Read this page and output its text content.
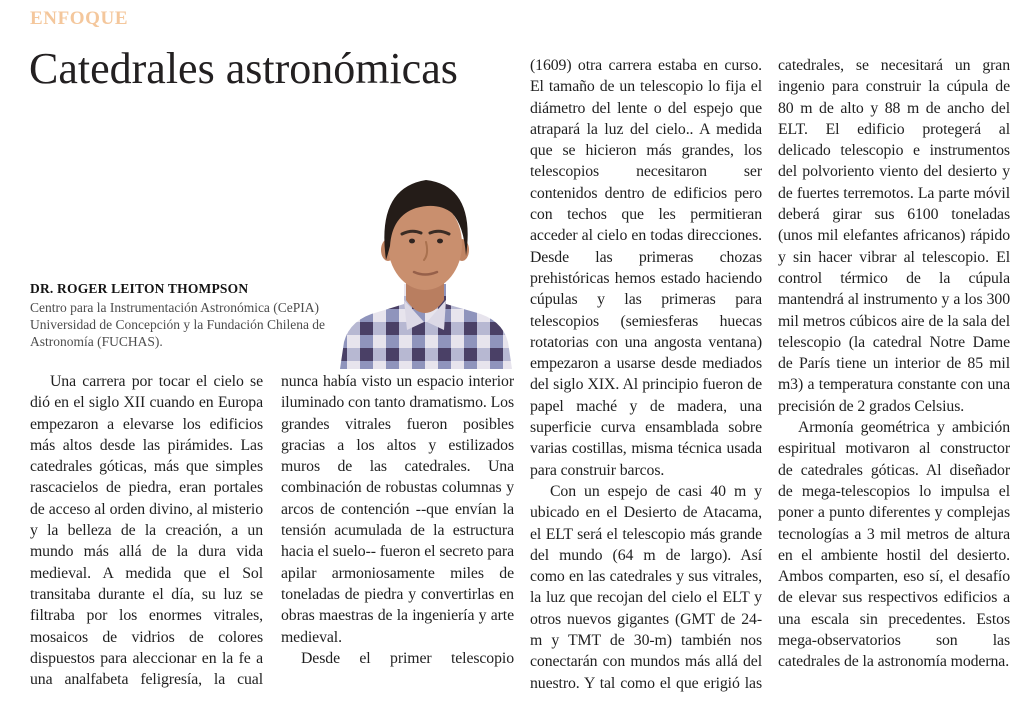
ENFOQUE
Catedrales astronómicas
DR. ROGER LEITON THOMPSON
Centro para la Instrumentación Astronómica (CePIA) Universidad de Concepción y la Fundación Chilena de Astronomía (FUCHAS).

Una carrera por tocar el cielo se dió en el siglo XII cuando en Europa empezaron a elevarse los edificios más altos desde las pirámides. Las catedrales góticas, más que simples rascacielos de piedra, eran portales de acceso al orden divino, al misterio y la belleza de la creación, a un mundo más allá de la dura vida medieval. A medida que el Sol transitaba durante el día, su luz se filtraba por los enormes vitrales, mosaicos de vidrios de colores dispuestos para aleccionar en la fe a una analfabeta feligresía, la cual nunca había visto un espacio interior iluminado con tanto dramatismo. Los grandes vitrales fueron posibles gracias a los altos y estilizados muros de las catedrales. Una combinación de robustas columnas y arcos de contención --que envían la tensión acumulada de la estructura hacia el suelo-- fueron el secreto para apilar armoniosamente miles de toneladas de piedra y convertirlas en obras maestras de la ingeniería y arte medieval.

Desde el primer telescopio

(1609) otra carrera estaba en curso. El tamaño de un telescopio lo fija el diámetro del lente o del espejo que atrapará la luz del cielo.. A medida que se hicieron más grandes, los telescopios necesitaron ser contenidos dentro de edificios pero con techos que les permitieran acceder al cielo en todas direcciones. Desde las primeras chozas prehistóricas hemos estado haciendo cúpulas y las primeras para telescopios (semiesferas huecas rotatorias con una angosta ventana) empezaron a usarse desde mediados del siglo XIX. Al principio fueron de papel maché y de madera, una superficie curva ensamblada sobre varias costillas, misma técnica usada para construir barcos.

Con un espejo de casi 40 m y ubicado en el Desierto de Atacama, el ELT será el telescopio más grande del mundo (64 m de largo). Así como en las catedrales y sus vitrales, la luz que recojan del cielo el ELT y otros nuevos gigantes (GMT de 24-m y TMT de 30-m) también nos conectarán con mundos más allá del nuestro. Y tal como el que erigió las catedrales, se necesitará un gran ingenio para construir la cúpula de 80 m de alto y 88 m de ancho del ELT. El edificio protegerá al delicado telescopio e instrumentos del polvoriento viento del desierto y de fuertes terremotos. La parte móvil deberá girar sus 6100 toneladas (unos mil elefantes africanos) rápido y sin hacer vibrar al telescopio. El control térmico de la cúpula mantendrá al instrumento y a los 300 mil metros cúbicos aire de la sala del telescopio (la catedral Notre Dame de París tiene un interior de 85 mil m3) a temperatura constante con una precisión de 2 grados Celsius.

Armonía geométrica y ambición espiritual motivaron al constructor de catedrales góticas. Al diseñador de mega-telescopios lo impulsa el poner a punto diferentes y complejas tecnologías a 3 mil metros de altura en el ambiente hostil del desierto. Ambos comparten, eso sí, el desafío de elevar sus respectivos edificios a una escala sin precedentes. Estos mega-observatorios son las catedrales de la astronomía moderna.
